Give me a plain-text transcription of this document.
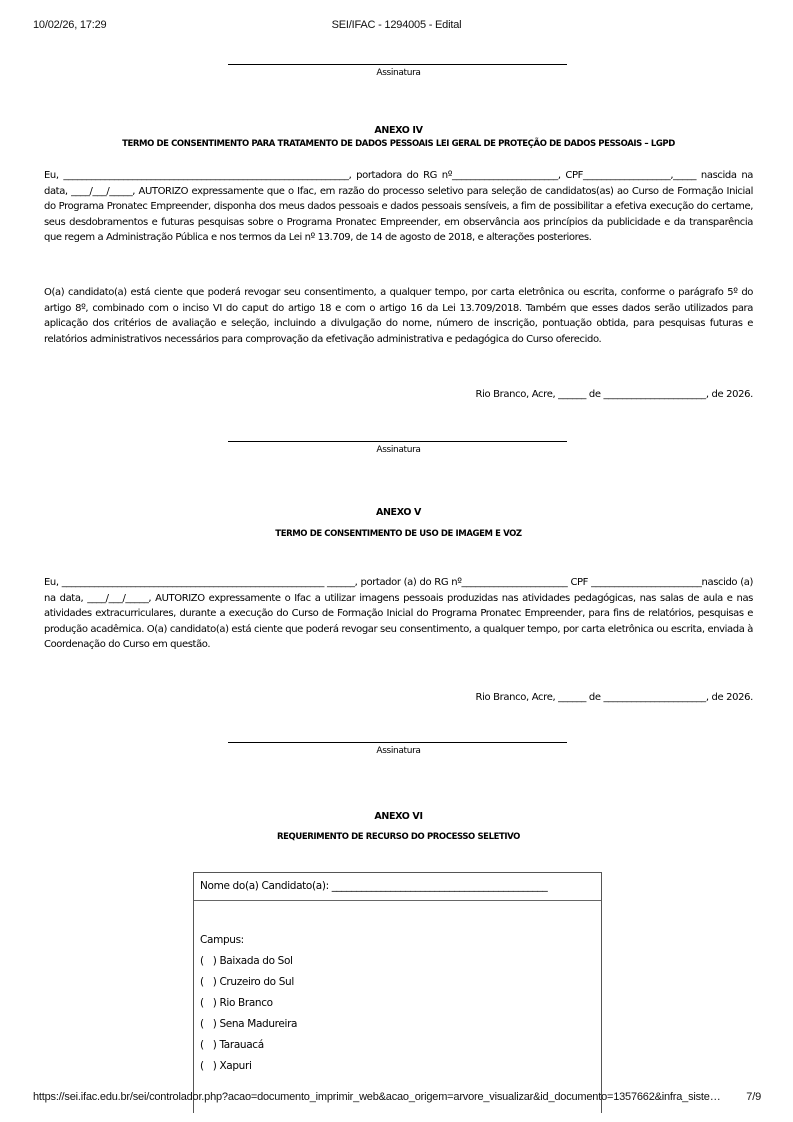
10/02/26, 17:29	SEI/IFAC - 1294005 - Edital
Assinatura
ANEXO IV
TERMO DE CONSENTIMENTO PARA TRATAMENTO DE DADOS PESSOAIS LEI GERAL DE PROTEÇÃO DE DADOS PESSOAIS – LGPD
Eu, ______________________________________________________________, portadora do RG nº_______________________, CPF___________________,_____ nascida na data, ____/___/_____, AUTORIZO expressamente que o Ifac, em razão do processo seletivo para seleção de candidatos(as) ao Curso de Formação Inicial do Programa Pronatec Empreender, disponha dos meus dados pessoais e dados pessoais sensíveis, a fim de possibilitar a efetiva execução do certame, seus desdobramentos e futuras pesquisas sobre o Programa Pronatec Empreender, em observância aos princípios da publicidade e da transparência que regem a Administração Pública e nos termos da Lei nº 13.709, de 14 de agosto de 2018, e alterações posteriores.
O(a) candidato(a) está ciente que poderá revogar seu consentimento, a qualquer tempo, por carta eletrônica ou escrita, conforme o parágrafo 5º do artigo 8º, combinado com o inciso VI do caput do artigo 18 e com o artigo 16 da Lei 13.709/2018. Também que esses dados serão utilizados para aplicação dos critérios de avaliação e seleção, incluindo a divulgação do nome, número de inscrição, pontuação obtida, para pesquisas futuras e relatórios administrativos necessários para comprovação da efetivação administrativa e pedagógica do Curso oferecido.
Rio Branco, Acre, ______ de ______________________, de 2026.
Assinatura
ANEXO V
TERMO DE CONSENTIMENTO DE USO DE IMAGEM E VOZ
Eu, _________________________________________________________ ______, portador (a) do RG nº_______________________ CPF ________________________nascido (a) na data, ____/___/_____, AUTORIZO expressamente o Ifac a utilizar imagens pessoais produzidas nas atividades pedagógicas, nas salas de aula e nas atividades extracurriculares, durante a execução do Curso de Formação Inicial do Programa Pronatec Empreender, para fins de relatórios, pesquisas e produção acadêmica. O(a) candidato(a) está ciente que poderá revogar seu consentimento, a qualquer tempo, por carta eletrônica ou escrita, enviada à Coordenação do Curso em questão.
Rio Branco, Acre, ______ de ______________________, de 2026.
Assinatura
ANEXO VI
REQUERIMENTO DE RECURSO DO PROCESSO SELETIVO
Nome do(a) Candidato(a): ____________________________________________
Campus:
(   ) Baixada do Sol
(   ) Cruzeiro do Sul
(   ) Rio Branco
(   ) Sena Madureira
(   ) Tarauacá
(   ) Xapuri
https://sei.ifac.edu.br/sei/controlador.php?acao=documento_imprimir_web&acao_origem=arvore_visualizar&id_documento=1357662&infra_siste…	7/9
